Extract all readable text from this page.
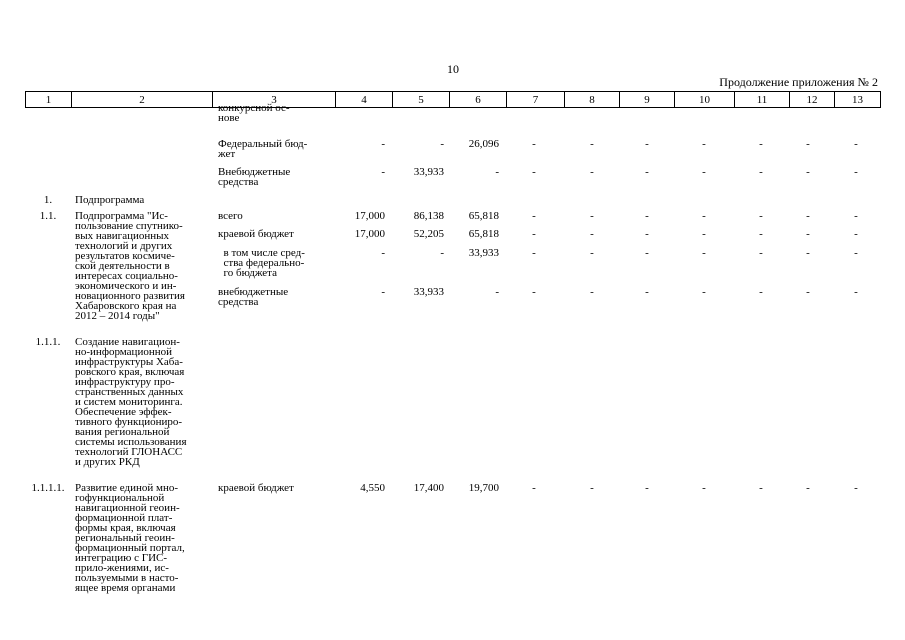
10
Продолжение приложения № 2
1	2	3	4	5	6	7	8	9	10	11	12	13
конкурсной ос-
нове
Федеральный бюд-
жет
-	-	26,096	-	-	-	-	-	-	-
Внебюджетные
средства
-	33,933	-	-	-	-	-	-	-	-
1.	Подпрограмма
1.1.	Подпрограмма "Ис-
пользование спутнико-
вых навигационных
технологий и других
результатов космиче-
ской деятельности в
интересах социально-
экономического и ин-
новационного развития
Хабаровского края на
2012 – 2014 годы"
всего	17,000	86,138	65,818	-	-	-	-	-	-	-
краевой бюджет	17,000	52,205	65,818	-	-	-	-	-	-	-
в том числе сред-
ства федерально-
го бюджета
-	-	33,933	-	-	-	-	-	-	-
внебюджетные
средства
-	33,933	-	-	-	-	-	-	-	-
1.1.1.	Создание навигацион-
но-информационной
инфраструктуры Хаба-
ровского края, включая
инфраструктуру про-
странственных данных
и систем мониторинга.
Обеспечение эффек-
тивного функциониро-
вания региональной
системы использования
технологий ГЛОНАСС
и других РКД
1.1.1.1. Развитие единой мно-
гофункциональной
навигационной геоин-
формационной плат-
формы края, включая
региональный геоин-
формационный портал,
интеграцию с ГИС-
прило-жениями, ис-
пользуемыми в насто-
ящее время органами
краевой бюджет	4,550	17,400	19,700	-	-	-	-	-	-	-
